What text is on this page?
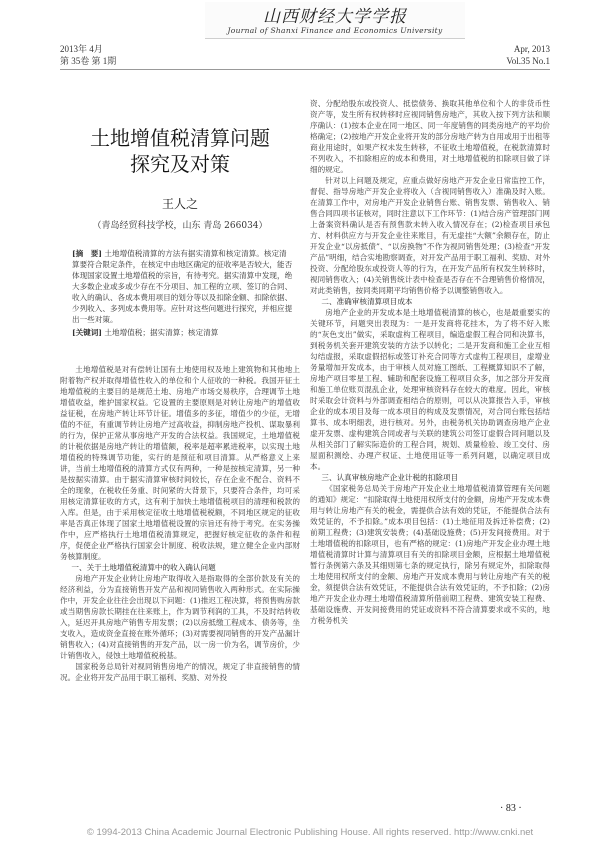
山西财经大学学报
Journal of Shanxi Finance and Economics University
2013年 4月
第 35卷 第 1期
Apr, 2013
Vol.35 No.1
土地增值税清算问题
探究及对策
王人之
（青岛经贸科技学校，山东 青岛 266034）

[摘　要] 土地增值税清算的方法有据实清算和核定清算。核定清算要符合限定条件，在核定中由地区确定的征收率是否较大，能否体现国家设置土地增值税的宗旨，有待考究。据实清算中发现，绝大多数企业或多或少存在不分项目、加工程的立项、签订的合同、收入的确认、各成本费用项目的划分等以及扣除金额、扣除依据、少列收入、多列成本费用等。应针对这些问题进行探究，并相应提出一些对策。

[关键词] 土地增值税；据实清算；核定清算

土地增值税是对有偿转让国有土地使用权及地上建筑物和其他地上附着物产权并取得增值性收入的单位和个人征收的一种税。我国开征土地增值税的主要目的是规范土地、房地产市场交易秩序，合理调节土地增值收益，维护国家权益。它设置的主要原则是对转让房地产的增值收益征税，在房地产转让环节计征。增值多的多征，增值少的少征，无增值的不征，有重调节转让房地产过高收益，抑制房地产投机、谋取暴利的行为，保护正常从事房地产开发的合法权益。我国规定，土地增值税的计税依据是房地产转让的增值额，税率是超率累进税率，以实现土地增值税的特殊调节功能，实行的是预征和项目清算。从严格意义上来讲，当前土地增值税的清算方式仅有两种，一种是按核定清算，另一种是按据实清算。由于据实清算审核时间较长，存在企业不配合、资料不全的现象，在税收任务重、时间紧的大背景下，只要符合条件，均可采用核定清算征收的方式，这有利于加快土地增值税项目的清理和税款的入库。但是，由于采用核定征收土地增值税税额，不同地区规定的征收率是否真正体现了国家土地增值税设置的宗旨还有待于考究。在实务操作中，应严格执行土地增值税清算规定，把握好核定征收的条件和程序，促使企业严格执行国家会计制度、税收法规，建立健全企业内部财务核算制度。

一、关于土地增值税清算中的收入确认问题

房地产开发企业转让房地产取得收入是指取得的全部价款及有关的经济利益，分为直接销售开发产品和视同销售收入两种形式。在实际操作中，开发企业往往会出现以下问题：(1)推迟工程决算，将预售购房款或当期售房款长期挂在往来账上，作为调节利润的工具，不及时结转收入，延迟开具房地产销售专用发票；(2)以房抵缴工程成本、债务等，坐支收入，造成资金直接在账外循环；(3)对需要视同销售的开发产品漏计销售收入；(4)对直接销售的开发产品，以一房一价为名，调节房价，少计销售收入，侵蚀土地增值税税基。

国家税务总局针对视同销售房地产的情况，规定了非直接销售的情况。企业将开发产品用于职工福利、奖励、对外投

资、分配给股东或投资人、抵偿债务、换取其他单位和个人的非货币性资产等，发生所有权转移时应视同销售房地产，其收入按下列方法和顺序确认：(1)按本企业在同一地区、同一年度销售的同类房地产的平均价格确定；(2)按地产开发企业将开发的部分房地产转为自用或用于出租等商业用途时，如果产权未发生转移，不征收土地增值税，在税款清算时不列收入，不扣除相应的成本和费用，对土地增值税的扣除项目做了详细的规定。

针对以上问题及规定，应重点做好房地产开发企业日常监控工作，督促、指导房地产开发企业将收入（含视同销售收入）准确及时入账。在清算工作中，对房地产开发企业销售台账、销售发票、销售收入、销售合同四项书证核对，同时注意以下工作环节：(1)结合房产管理部门网上备案资料确认是否有预售款未转入收入情况存在；(2)检查项目承包方、材料供应方与开发企业往来账目，有无虚挂“大额”余额存在，防止开发企业“以房抵债”、“以房换物”不作为视同销售处理；(3)检查“开发产品”明细，结合实地勘察调查，对开发产品用于职工福利、奖励、对外投资、分配给股东或投资人等的行为，在开发产品所有权发生转移时，视同销售收入；(4)关销售统计表中检查是否存在不合理销售价格情况，对此类销售，按同类同期平均销售价格予以调整销售收入。

二、准确审核清算项目成本

房地产企业的开发成本是土地增值税清算的核心，也是最重要实的关键环节，问题突出表现为：一是开发商将花挂木，为了将不好入账的“灰色支出”做实，采取虚构工程项目，编造虚假工程合同和决算书，到税务机关套开建筑安装的方法予以转化；二是开发商和施工企业互相勾结虚报，采取虚假招标或签订补充合同等方式虚构工程项目，虚增业务量增加开发成本，由于审核人员对施工图纸、工程概算知识不了解，房地产项目零星工程、辅助和配套设施工程项目众多，加之部分开发商和施工单位账页混乱企业，处理审核资料存在较大的难度。因此，审核时采取会计资料与外部调查相结合的原则，可以从决算报告入手，审核企业的成本项目及每一成本项目的构成及发票情况，对合同台账包括结算书、成本明细表，进行核对。另外，由税务机关协助调查房地产企业虚开发票、虚构建筑合同或者与关联的建筑公司签订虚假合同问题以及从相关部门了解实际造价的工程合同，规划、质量检验、竣工交付、房屋面积测绘、办理产权证、土地使用证等一系列问题，以确定项目成本。

三、认真审核房地产企业计税的扣除项目

《国家税务总局关于房地产开发企业土地增值税清算管理有关问题的通知》规定：“扣除取得土地使用权所支付的金额，房地产开发成本费用与转让房地产有关的税金，需提供合法有效的凭证，不能提供合法有效凭证的，不予扣除。”成本项目包括：(1)土地征用及拆迁补偿费；(2)前期工程费；(3)建筑安装费；(4)基础设施费；(5)开发间接费用。对于土地增值税的扣除项目，也有严格的规定：(1)房地产开发企业办理土地增值税清算时计算与清算项目有关的扣除项目金额，应根据土地增值税暂行条例第六条及其细则第七条的规定执行，除另有规定外，扣除取得土地使用权所支付的金额、房地产开发成本费用与转让房地产有关的税金，须提供合法有效凭证，不能提供合法有效凭证的，不予扣除；(2)房地产开发企业办理土地增值税清算所借前期工程费、建筑安装工程费、基础设施费、开发间接费用的凭证或资料不符合清算要求或不实的，地方税务机关

· 83 ·
© 1994-2013 China Academic Journal Electronic Publishing House. All rights reserved. http://www.cnki.net
